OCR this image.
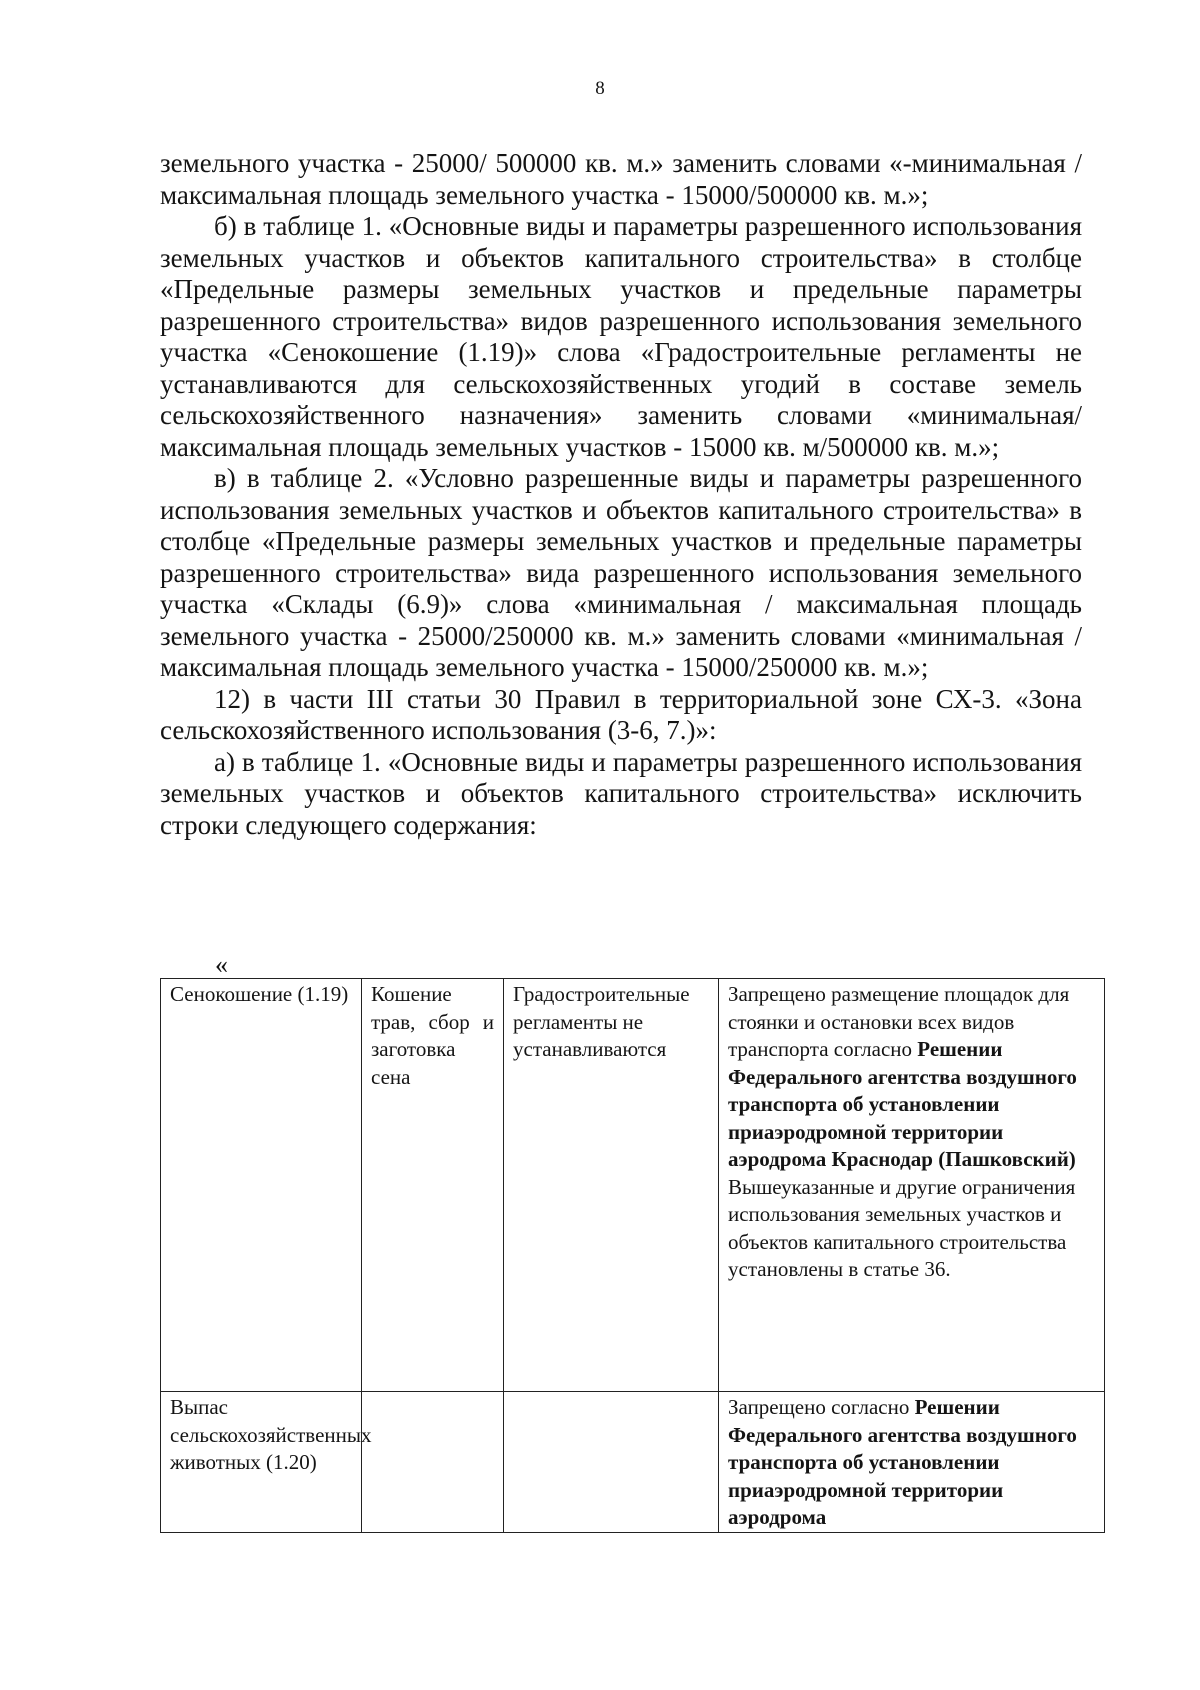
8

земельного участка - 25000/ 500000 кв. м.» заменить словами «-минимальная / максимальная площадь земельного участка - 15000/500000 кв. м.»;

б) в таблице 1. «Основные виды и параметры разрешенного использования земельных участков и объектов капитального строительства» в столбце «Предельные размеры земельных участков и предельные параметры разрешенного строительства» видов разрешенного использования земельного участка «Сенокошение (1.19)» слова «Градостроительные регламенты не устанавливаются для сельскохозяйственных угодий в составе земель сельскохозяйственного назначения» заменить словами «минимальная/максимальная площадь земельных участков - 15000 кв. м/500000 кв. м.»;

в) в таблице 2. «Условно разрешенные виды и параметры разрешенного использования земельных участков и объектов капитального строительства» в столбце «Предельные размеры земельных участков и предельные параметры разрешенного строительства» вида разрешенного использования земельного участка «Склады (6.9)» слова «минимальная / максимальная площадь земельного участка - 25000/250000 кв. м.» заменить словами «минимальная / максимальная площадь земельного участка - 15000/250000 кв. м.»;

12) в части III статьи 30 Правил в территориальной зоне СХ-3. «Зона сельскохозяйственного использования (3-6, 7.)»:

а) в таблице 1. «Основные виды и параметры разрешенного использования земельных участков и объектов капитального строительства» исключить строки следующего содержания:

«
Сенокошение (1.19)	Кошение трав, сбор и заготовка сена	Градостроительные регламенты не устанавливаются	Запрещено размещение площадок для стоянки и остановки всех видов транспорта согласно Решении Федерального агентства воздушного транспорта об установлении приаэродромной территории аэродрома Краснодар (Пашковский) Вышеуказанные и другие ограничения использования земельных участков и объектов капитального строительства установлены в статье 36.
Выпас сельскохозяйственных животных (1.20)			Запрещено согласно Решении Федерального агентства воздушного транспорта об установлении приаэродромной территории аэродрома
